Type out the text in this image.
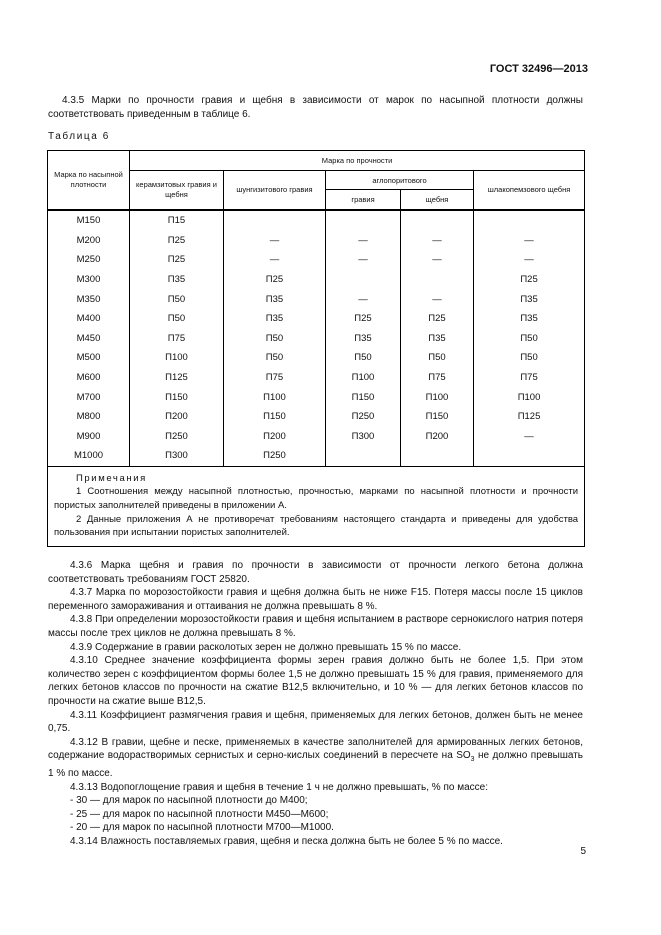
ГОСТ 32496—2013

4.3.5 Марки по прочности гравия и щебня в зависимости от марок по насыпной плотности должны соответствовать приведенным в таблице 6.

Таблица 6
Марка по насыпной плотности	Марка по прочности				
	керамзитовых гравия и щебня	шунгизитового гравия	аглопоритового		шлакопемзового щебня
			гравия	щебня	
М150	П15				
М200	П25	—	—	—	—
М250	П25	—	—	—	—
М300	П35	П25			П25
М350	П50	П35	—	—	П35
М400	П50	П35	П25	П25	П35
М450	П75	П50	П35	П35	П50
М500	П100	П50	П50	П50	П50
М600	П125	П75	П100	П75	П75
М700	П150	П100	П150	П100	П100
М800	П200	П150	П250	П150	П125
М900	П250	П200	П300	П200	—
М1000	П300	П250			

Примечания

1 Соотношения между насыпной плотностью, прочностью, марками по насыпной плотности и прочности пористых заполнителей приведены в приложении А.

2 Данные приложения А не противоречат требованиям настоящего стандарта и приведены для удобства пользования при испытании пористых заполнителей.					

4.3.6 Марка щебня и гравия по прочности в зависимости от прочности легкого бетона должна соответствовать требованиям ГОСТ 25820.

4.3.7 Марка по морозостойкости гравия и щебня должна быть не ниже F15. Потеря массы после 15 циклов переменного замораживания и оттаивания не должна превышать 8 %.

4.3.8 При определении морозостойкости гравия и щебня испытанием в растворе сернокислого натрия потеря массы после трех циклов не должна превышать 8 %.

4.3.9 Содержание в гравии расколотых зерен не должно превышать 15 % по массе.

4.3.10 Среднее значение коэффициента формы зерен гравия должно быть не более 1,5. При этом количество зерен с коэффициентом формы более 1,5 не должно превышать 15 % для гравия, применяемого для легких бетонов классов по прочности на сжатие В12,5 включительно, и 10 % — для легких бетонов классов по прочности на сжатие выше В12,5.

4.3.11 Коэффициент размягчения гравия и щебня, применяемых для легких бетонов, должен быть не менее 0,75.

4.3.12 В гравии, щебне и песке, применяемых в качестве заполнителей для армированных легких бетонов, содержание водорастворимых сернистых и серно-кислых соединений в пересчете на $SO_3$ не должно превышать 1 % по массе.

4.3.13 Водопоглощение гравия и щебня в течение 1 ч не должно превышать, % по массе:

- 30 — для марок по насыпной плотности до М400;

- 25 — для марок по насыпной плотности М450—М600;

- 20 — для марок по насыпной плотности М700—М1000.

4.3.14 Влажность поставляемых гравия, щебня и песка должна быть не более 5 % по массе.

5
